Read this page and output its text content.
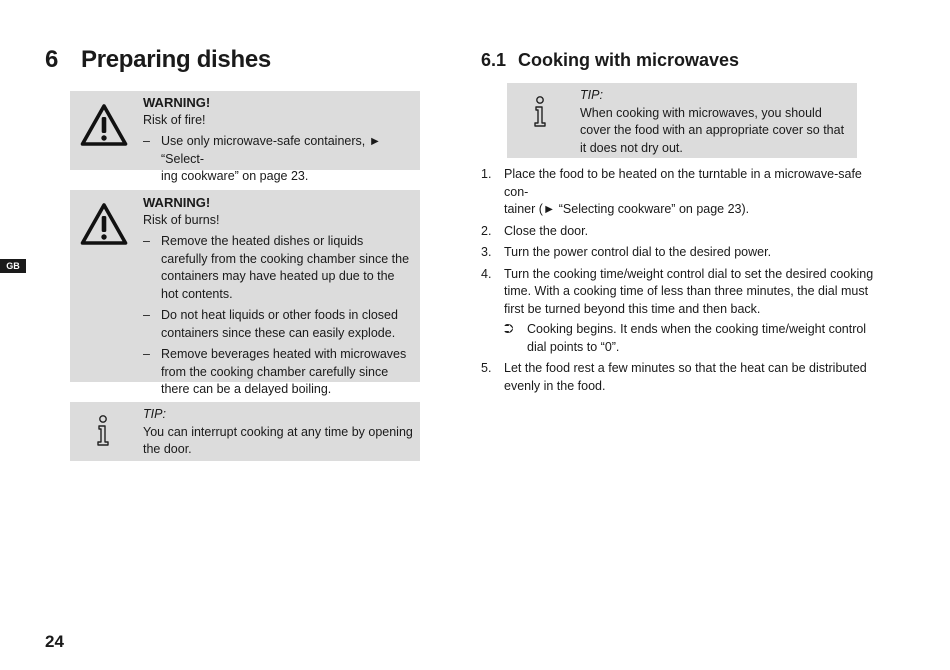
6 Preparing dishes
WARNING!
Risk of fire!
– Use only microwave-safe containers, ► “Select-
ing cookware” on page 23.
WARNING!
Risk of burns!
– Remove the heated dishes or liquids carefully from the cooking chamber since the containers may have heated up due to the hot contents.
– Do not heat liquids or other foods in closed containers since these can easily explode.
– Remove beverages heated with microwaves from the cooking chamber carefully since there can be a delayed boiling.
TIP:
You can interrupt cooking at any time by opening the door.
6.1 Cooking with microwaves
TIP:
When cooking with microwaves, you should cover the food with an appropriate cover so that it does not dry out.
1. Place the food to be heated on the turntable in a microwave-safe con-
tainer (► “Selecting cookware” on page 23).
2. Close the door.
3. Turn the power control dial to the desired power.
4. Turn the cooking time/weight control dial to set the desired cooking time. With a cooking time of less than three minutes, the dial must first be turned beyond this time and then back.
⮊ Cooking begins. It ends when the cooking time/weight control dial points to “0”.
5. Let the food rest a few minutes so that the heat can be distributed evenly in the food.
GB
24
